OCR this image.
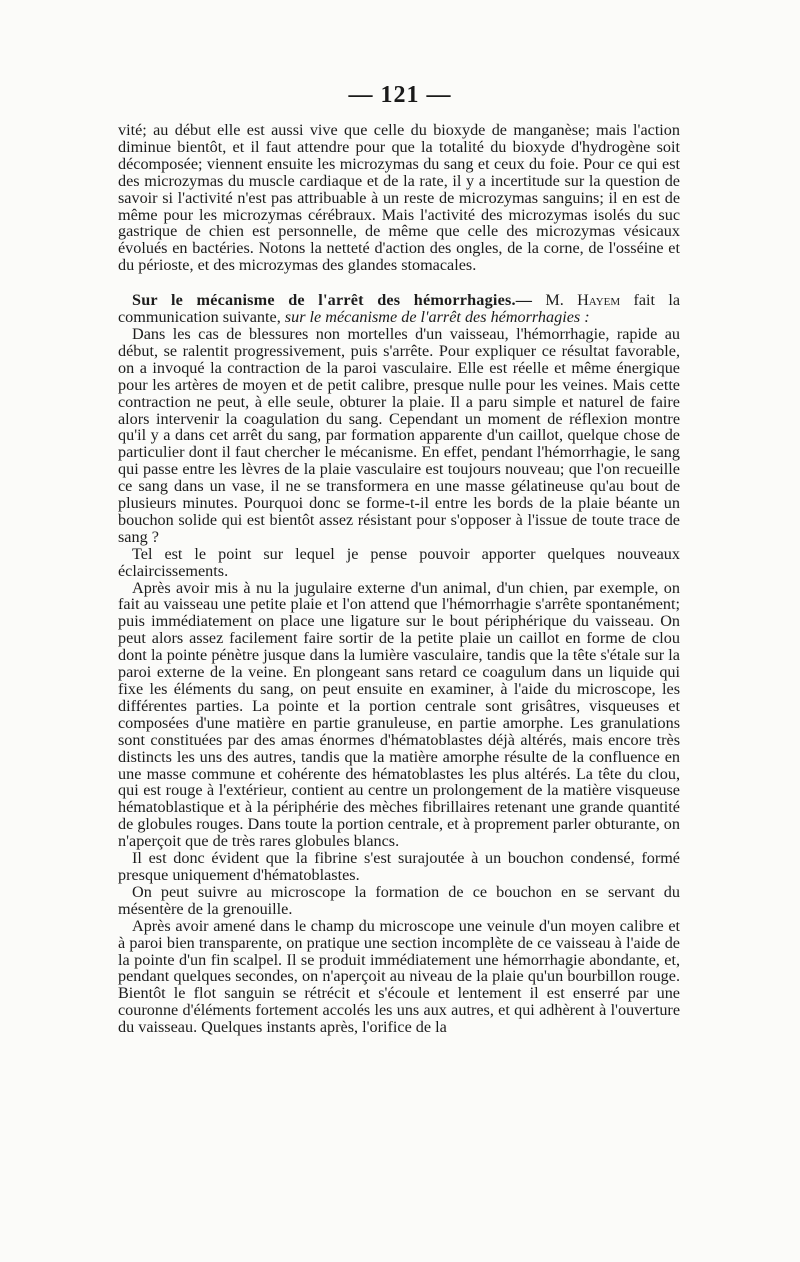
— 121 —

vité; au début elle est aussi vive que celle du bioxyde de manganèse; mais l'action diminue bientôt, et il faut attendre pour que la totalité du bioxyde d'hydrogène soit décomposée; viennent ensuite les microzymas du sang et ceux du foie. Pour ce qui est des microzymas du muscle cardiaque et de la rate, il y a incertitude sur la question de savoir si l'activité n'est pas attribuable à un reste de microzymas sanguins; il en est de même pour les microzymas cérébraux. Mais l'activité des microzymas isolés du suc gastrique de chien est personnelle, de même que celle des microzymas vésicaux évolués en bactéries. Notons la netteté d'action des ongles, de la corne, de l'osséine et du périoste, et des microzymas des glandes stomacales.

Sur le mécanisme de l'arrêt des hémorrhagies.— M. Hayem fait la communication suivante, sur le mécanisme de l'arrêt des hémorrhagies :

Dans les cas de blessures non mortelles d'un vaisseau, l'hémorrhagie, rapide au début, se ralentit progressivement, puis s'arrête. Pour expliquer ce résultat favorable, on a invoqué la contraction de la paroi vasculaire. Elle est réelle et même énergique pour les artères de moyen et de petit calibre, presque nulle pour les veines. Mais cette contraction ne peut, à elle seule, obturer la plaie. Il a paru simple et naturel de faire alors intervenir la coagulation du sang. Cependant un moment de réflexion montre qu'il y a dans cet arrêt du sang, par formation apparente d'un caillot, quelque chose de particulier dont il faut chercher le mécanisme. En effet, pendant l'hémorrhagie, le sang qui passe entre les lèvres de la plaie vasculaire est toujours nouveau; que l'on recueille ce sang dans un vase, il ne se transformera en une masse gélatineuse qu'au bout de plusieurs minutes. Pourquoi donc se forme-t-il entre les bords de la plaie béante un bouchon solide qui est bientôt assez résistant pour s'opposer à l'issue de toute trace de sang ?

Tel est le point sur lequel je pense pouvoir apporter quelques nouveaux éclaircissements.

Après avoir mis à nu la jugulaire externe d'un animal, d'un chien, par exemple, on fait au vaisseau une petite plaie et l'on attend que l'hémorrhagie s'arrête spontanément; puis immédiatement on place une ligature sur le bout périphérique du vaisseau. On peut alors assez facilement faire sortir de la petite plaie un caillot en forme de clou dont la pointe pénètre jusque dans la lumière vasculaire, tandis que la tête s'étale sur la paroi externe de la veine. En plongeant sans retard ce coagulum dans un liquide qui fixe les éléments du sang, on peut ensuite en examiner, à l'aide du microscope, les différentes parties. La pointe et la portion centrale sont grisâtres, visqueuses et composées d'une matière en partie granuleuse, en partie amorphe. Les granulations sont constituées par des amas énormes d'hématoblastes déjà altérés, mais encore très distincts les uns des autres, tandis que la matière amorphe résulte de la confluence en une masse commune et cohérente des hématoblastes les plus altérés. La tête du clou, qui est rouge à l'extérieur, contient au centre un prolongement de la matière visqueuse hématoblastique et à la périphérie des mèches fibrillaires retenant une grande quantité de globules rouges. Dans toute la portion centrale, et à proprement parler obturante, on n'aperçoit que de très rares globules blancs.

Il est donc évident que la fibrine s'est surajoutée à un bouchon condensé, formé presque uniquement d'hématoblastes.

On peut suivre au microscope la formation de ce bouchon en se servant du mésentère de la grenouille.

Après avoir amené dans le champ du microscope une veinule d'un moyen calibre et à paroi bien transparente, on pratique une section incomplète de ce vaisseau à l'aide de la pointe d'un fin scalpel. Il se produit immédiatement une hémorrhagie abondante, et, pendant quelques secondes, on n'aperçoit au niveau de la plaie qu'un bourbillon rouge. Bientôt le flot sanguin se rétrécit et s'écoule et lentement il est enserré par une couronne d'éléments fortement accolés les uns aux autres, et qui adhèrent à l'ouverture du vaisseau. Quelques instants après, l'orifice de la
